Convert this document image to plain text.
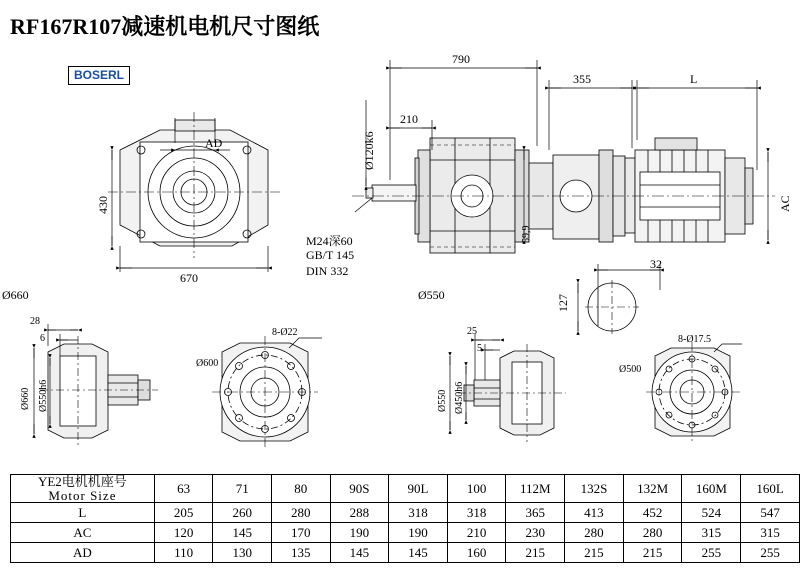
RF167R107减速机电机尺寸图纸
BOSERL
AD
430
670
790
355	L
210
Ø120k6
59,9
AC
M24深60
GB/T 145
DIN 332
Ø660	Ø550
32
127
28
6
Ø660 Ø550h6
Ø600
8-Ø22	25
5
Ø550 Ø450h6
Ø500
8-Ø17.5
YE2电机机座号
Motor Size	63	71	80	90S	90L	100	112M	132S	132M	160M	160L
L	205	260	280	288	318	318	365	413	452	524	547
AC	120	145	170	190	190	210	230	280	280	315	315
AD	110	130	135	145	145	160	215	215	215	255	255
